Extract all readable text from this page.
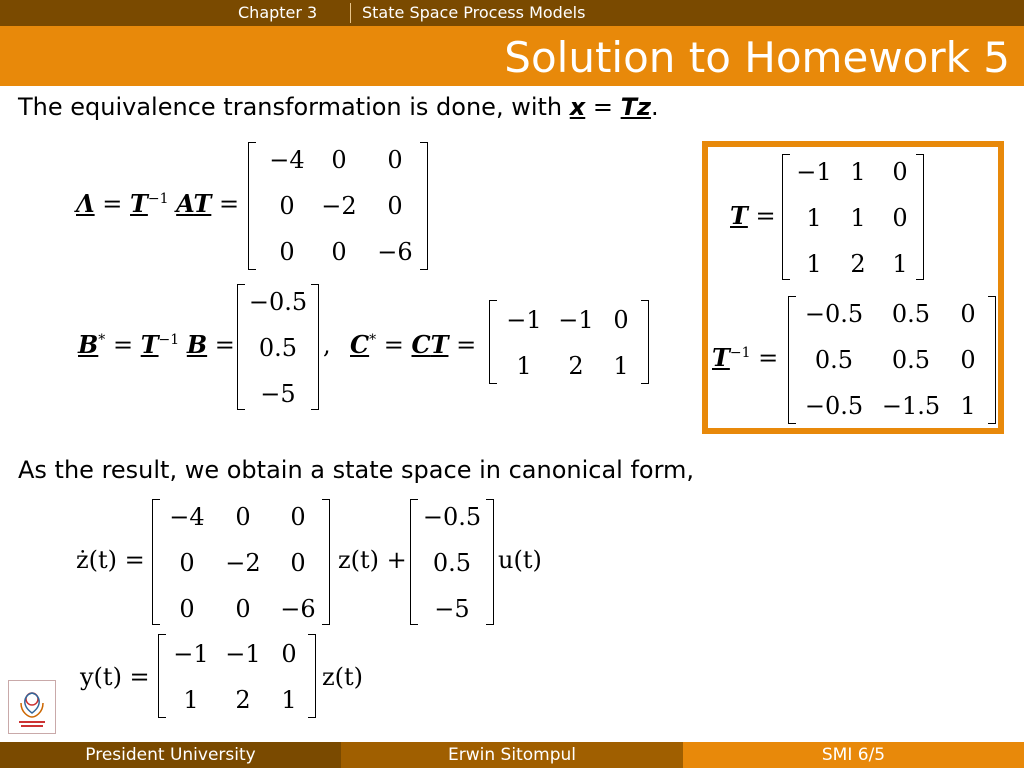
Chapter 3	State Space Process Models
Solution to Homework 5
The equivalence transformation is done, with x = Tz.
$\Lambda = T^{-1}$ AT =
−4	0	0
0	−2	0
0	0	−6
$B^* = T^{-1}$ B =
−0.5
0.5
−5
, C* = CT =
−1 −1 0
1	2	1
T =
−1 1	0
1	1	0
1	2	1
$T^{-1}$ =
−0.5	0.5	0
0.5	0.5	0
−0.5 −1.5 1
As the result, we obtain a state space in canonical form,
ż(t) =
−4	0	0
0	−2	0
0	0	−6
z(t) +
−0.5
0.5
−5
u(t)
y(t) =
−1 −1 0
1	2	1
z(t)
President University	Erwin Sitompul	SMI 6/5
